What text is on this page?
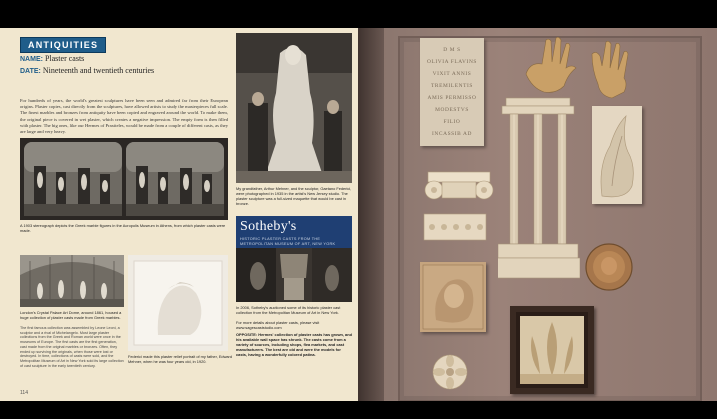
ANTIQUITIES
NAME: Plaster casts
DATE: Nineteenth and twentieth centuries
For hundreds of years, the world's greatest sculptures have been seen and admired far from their European origins. Plaster copies, cast directly from the sculptures, have allowed artists to study the masterpieces full scale. The finest marbles and bronzes from antiquity have been copied and engraved around the world. To make them, the original piece is covered in wet plaster, which creates a negative impression. The empty form is then filled with plaster. The big ones, like our Hermes of Praxiteles, would be made from a couple of different casts, as they are large and very heavy.
A 1903 stereograph depicts the Greek marble figures in the Acropolis Museum in Athens, from which plaster casts were made.
My grandfather, Arthur Mehner, and the sculptor, Gaetano Federici, were photographed in 1935 in the artist's New Jersey studio. The plaster sculpture was a full-sized maquette that would be cast in bronze.
London's Crystal Palace Art Dome, around 1861, housed a huge collection of plaster casts made from Greek marbles.
The first famous collection was assembled by Leone Leoni, a sculptor and a rival of Michelangelo. Most large plaster collections from the Greek and Roman world were once in the museums of Europe. The first casts are the first generation, cast made from the original marbles or bronzes. Often, they ended up surviving the originals, when those were lost or destroyed. In time, collections of casts were sold, and the Metropolitan Museum of Art in New York sold its large collection of cast sculpture in the early twentieth century.
Federici made this plaster relief portrait of my father, Edward Mehner, when he was four years old, in 1920.
Sotheby's
HISTORIC PLASTER CASTS FROM THE
METROPOLITAN MUSEUM OF ART, NEW YORK
In 2006, Sotheby's auctioned some of its historic plaster cast collection from the Metropolitan Museum of Art in New York.
For more details about plaster casts, please visit
www.sagescaststudio.com
OPPOSITE: Hermes' collection of plaster casts has grown, and his available wall space has shrunk. The casts come from a variety of sources, including shops, flea markets, and cast manufacturers. The best are old and were the models for casts, having a wonderfully colored patina.
114
D M S
OLIVIA FLAVINS
VIXIT ANNIS
TREMILENTIS
AMIS PERMISSO
MODESTVS
FILIO
INCASSIB AD
